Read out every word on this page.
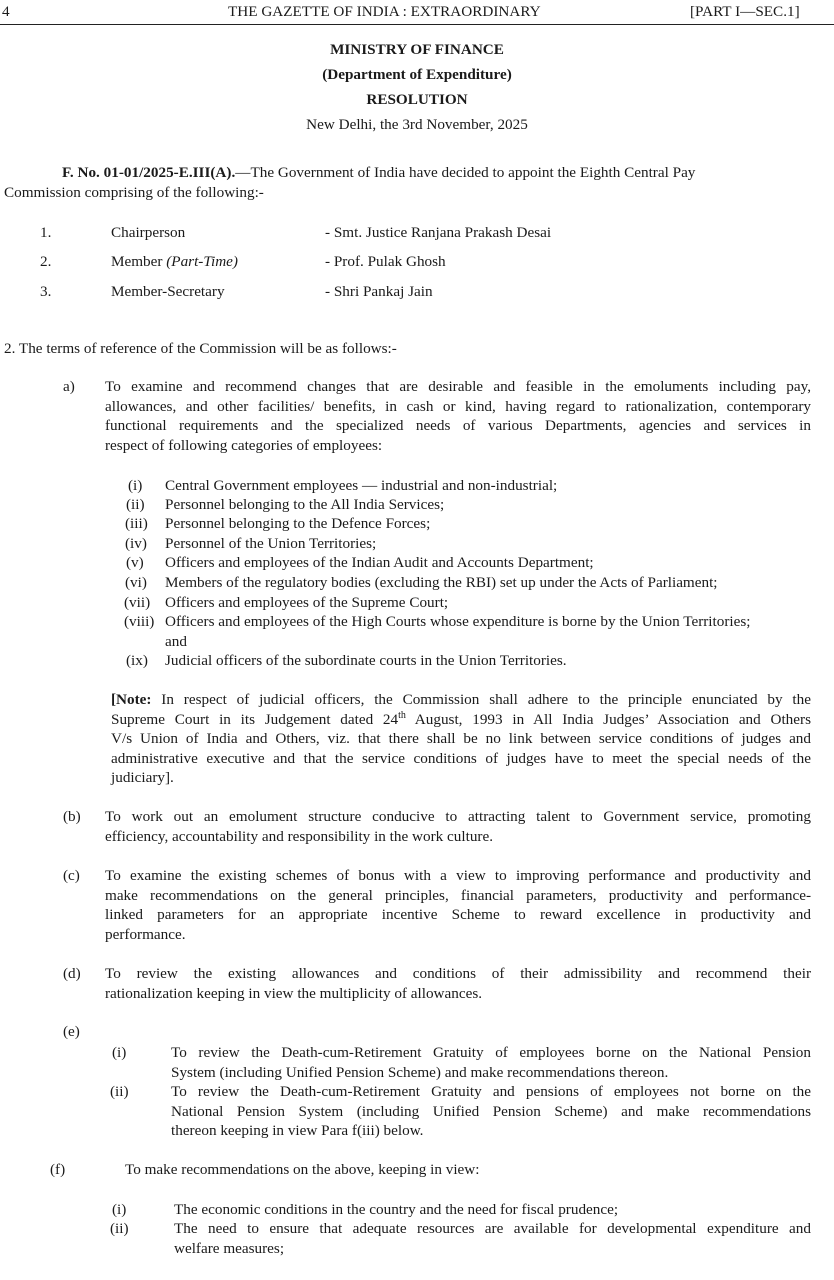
4	THE GAZETTE OF INDIA : EXTRAORDINARY	[PART I—SEC.1]
MINISTRY OF FINANCE
(Department of Expenditure)
RESOLUTION
New Delhi, the 3rd November, 2025
F. No. 01-01/2025-E.III(A).—The Government of India have decided to appoint the Eighth Central Pay
Commission comprising of the following:-
1.	Chairperson	- Smt. Justice Ranjana Prakash Desai
2.	Member (Part-Time)	- Prof. Pulak Ghosh
3.	Member-Secretary	- Shri Pankaj Jain
2. The terms of reference of the Commission will be as follows:-
a) To examine and recommend changes that are desirable and feasible in the emoluments including pay,
allowances, and other facilities/ benefits, in cash or kind, having regard to rationalization, contemporary
functional requirements and the specialized needs of various Departments, agencies and services in
respect of following categories of employees:
(i) Central Government employees — industrial and non-industrial;
(ii) Personnel belonging to the All India Services;
(iii) Personnel belonging to the Defence Forces;
(iv) Personnel of the Union Territories;
(v) Officers and employees of the Indian Audit and Accounts Department;
(vi) Members of the regulatory bodies (excluding the RBI) set up under the Acts of Parliament;
(vii) Officers and employees of the Supreme Court;
(viii) Officers and employees of the High Courts whose expenditure is borne by the Union Territories;
and
(ix) Judicial officers of the subordinate courts in the Union Territories.
[Note: In respect of judicial officers, the Commission shall adhere to the principle enunciated by the
Supreme Court in its Judgement dated 24th August, 1993 in All India Judges’ Association and Others
V/s Union of India and Others, viz. that there shall be no link between service conditions of judges and
administrative executive and that the service conditions of judges have to meet the special needs of the
judiciary].
(b) To work out an emolument structure conducive to attracting talent to Government service, promoting
efficiency, accountability and responsibility in the work culture.
(c) To examine the existing schemes of bonus with a view to improving performance and productivity and
make recommendations on the general principles, financial parameters, productivity and performance-
linked parameters for an appropriate incentive Scheme to reward excellence in productivity and
performance.
(d) To review the existing allowances and conditions of their admissibility and recommend their
rationalization keeping in view the multiplicity of allowances.
(e)
(i)	To review the Death-cum-Retirement Gratuity of employees borne on the National Pension
System (including Unified Pension Scheme) and make recommendations thereon.
(ii)	To review the Death-cum-Retirement Gratuity and pensions of employees not borne on the
National Pension System (including Unified Pension Scheme) and make recommendations
thereon keeping in view Para f(iii) below.
(f)	To make recommendations on the above, keeping in view:
(i)	The economic conditions in the country and the need for fiscal prudence;
(ii)	The need to ensure that adequate resources are available for developmental expenditure and
welfare measures;
